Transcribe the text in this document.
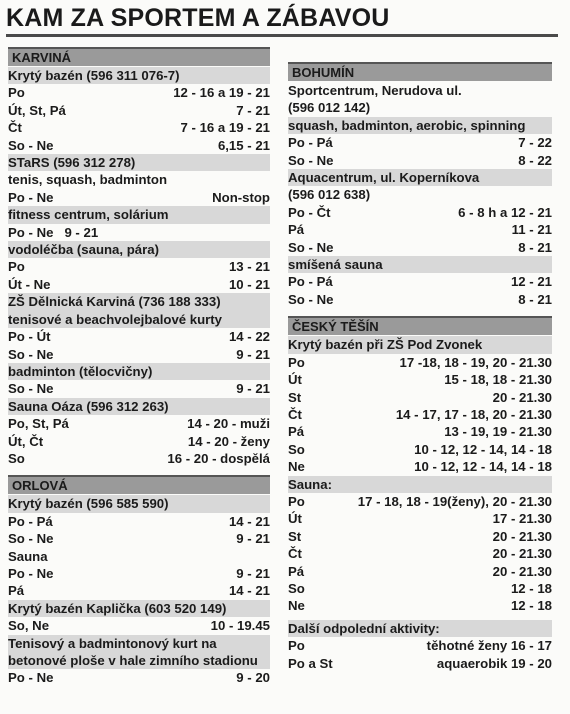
KAM ZA SPORTEM A ZÁBAVOU
KARVINÁ
Krytý bazén (596 311 076-7)
Po	12 - 16 a 19 - 21
Út, St, Pá	7 - 21
Čt	7 - 16 a 19 - 21
So - Ne	6,15 - 21
STaRS (596 312 278)
tenis, squash, badminton
Po - Ne	Non-stop
fitness centrum, solárium
Po - Ne 9 - 21
vodoléčba (sauna, pára)
Po	13 - 21
Út - Ne	10 - 21
ZŠ Dělnická Karviná (736 188 333) tenisové a beachvolejbalové kurty
Po - Út	14 - 22
So - Ne	9 - 21
badminton (tělocvičny)
So - Ne	9 - 21
Sauna Oáza (596 312 263)
Po, St, Pá	14 - 20 - muži
Út, Čt	14 - 20 - ženy
So	16 - 20 - dospělá
ORLOVÁ
Krytý bazén (596 585 590)
Po - Pá	14 - 21
So - Ne	9 - 21
Sauna
Po - Ne	9 - 21
Pá	14 - 21
Krytý bazén Kaplička (603 520 149)
So, Ne	10 - 19.45
Tenisový a badmintonový kurt na betonové ploše v hale zimního stadionu
Po - Ne	9 - 20
BOHUMÍN
Sportcentrum, Nerudova ul.
(596 012 142)
squash, badminton, aerobic, spinning
Po - Pá	7 - 22
So - Ne	8 - 22
Aquacentrum, ul. Koperníkova
(596 012 638)
Po - Čt	6 - 8 h a 12 - 21
Pá	11 - 21
So - Ne	8 - 21
smíšená sauna
Po - Pá	12 - 21
So - Ne	8 - 21
ČESKÝ TĚŠÍN
Krytý bazén při ZŠ Pod Zvonek
Po	17 -18, 18 - 19, 20 - 21.30
Út	15 - 18, 18 - 21.30
St	20 - 21.30
Čt	14 - 17, 17 - 18, 20 - 21.30
Pá	13 - 19, 19 - 21.30
So	10 - 12, 12 - 14, 14 - 18
Ne	10 - 12, 12 - 14, 14 - 18
Sauna:
Po	17 - 18, 18 - 19(ženy), 20 - 21.30
Út	17 - 21.30
St	20 - 21.30
Čt	20 - 21.30
Pá	20 - 21.30
So	12 - 18
Ne	12 - 18
Další odpolední aktivity:
Po	těhotné ženy 16 - 17
Po a St	aquaerobik 19 - 20
